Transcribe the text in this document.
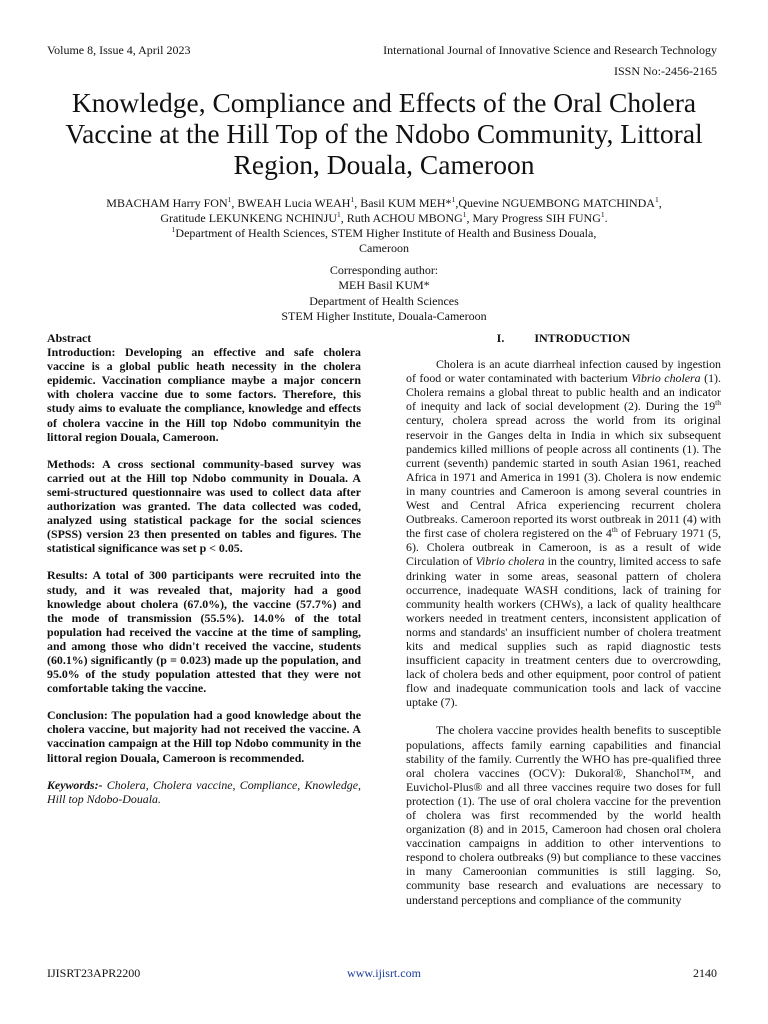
Volume 8, Issue 4, April 2023	International Journal of Innovative Science and Research Technology
ISSN No:-2456-2165
Knowledge, Compliance and Effects of the Oral Cholera Vaccine at the Hill Top of the Ndobo Community, Littoral Region, Douala, Cameroon
MBACHAM Harry FON$^1$, BWEAH Lucia WEAH$^1$, Basil KUM MEH*$^1$,Quevine NGUEMBONG MATCHINDA$^1$,
Gratitude LEKUNKENG NCHINJU$^1$, Ruth ACHOU MBONG$^1$, Mary Progress SIH FUNG$^1$.
$^1$Department of Health Sciences, STEM Higher Institute of Health and Business Douala,
Cameroon
Corresponding author:
MEH Basil KUM*
Department of Health Sciences
STEM Higher Institute, Douala-Cameroon
Abstract

Introduction: Developing an effective and safe cholera vaccine is a global public heath necessity in the cholera epidemic. Vaccination compliance maybe a major concern with cholera vaccine due to some factors. Therefore, this study aims to evaluate the compliance, knowledge and effects of cholera vaccine in the Hill top Ndobo communityin the littoral region Douala, Cameroon.

Methods: A cross sectional community-based survey was carried out at the Hill top Ndobo community in Douala. A semi-structured questionnaire was used to collect data after authorization was granted. The data collected was coded, analyzed using statistical package for the social sciences (SPSS) version 23 then presented on tables and figures. The statistical significance was set p < 0.05.

Results: A total of 300 participants were recruited into the study, and it was revealed that, majority had a good knowledge about cholera (67.0%), the vaccine (57.7%) and the mode of transmission (55.5%). 14.0% of the total population had received the vaccine at the time of sampling, and among those who didn't received the vaccine, students (60.1%) significantly (p = 0.023) made up the population, and 95.0% of the study population attested that they were not comfortable taking the vaccine.

Conclusion: The population had a good knowledge about the cholera vaccine, but majority had not received the vaccine. A vaccination campaign at the Hill top Ndobo community in the littoral region Douala, Cameroon is recommended.

Keywords:- Cholera, Cholera vaccine, Compliance, Knowledge, Hill top Ndobo-Douala.

I.	INTRODUCTION

Cholera is an acute diarrheal infection caused by ingestion of food or water contaminated with bacterium Vibrio cholera (1). Cholera remains a global threat to public health and an indicator of inequity and lack of social development (2). During the 19th century, cholera spread across the world from its original reservoir in the Ganges delta in India in which six subsequent pandemics killed millions of people across all continents (1). The current (seventh) pandemic started in south Asian 1961, reached Africa in 1971 and America in 1991 (3). Cholera is now endemic in many countries and Cameroon is among several countries in West and Central Africa experiencing recurrent cholera Outbreaks. Cameroon reported its worst outbreak in 2011 (4) with the first case of cholera registered on the 4th of February 1971 (5, 6). Cholera outbreak in Cameroon, is as a result of wide Circulation of Vibrio cholera in the country, limited access to safe drinking water in some areas, seasonal pattern of cholera occurrence, inadequate WASH conditions, lack of training for community health workers (CHWs), a lack of quality healthcare workers needed in treatment centers, inconsistent application of norms and standards' an insufficient number of cholera treatment kits and medical supplies such as rapid diagnostic tests insufficient capacity in treatment centers due to overcrowding, lack of cholera beds and other equipment, poor control of patient flow and inadequate communication tools and lack of vaccine uptake (7).

The cholera vaccine provides health benefits to susceptible populations, affects family earning capabilities and financial stability of the family. Currently the WHO has pre-qualified three oral cholera vaccines (OCV): Dukoral®, Shanchol™, and Euvichol-Plus® and all three vaccines require two doses for full protection (1). The use of oral cholera vaccine for the prevention of cholera was first recommended by the world health organization (8) and in 2015, Cameroon had chosen oral cholera vaccination campaigns in addition to other interventions to respond to cholera outbreaks (9) but compliance to these vaccines in many Cameroonian communities is still lagging. So, community base research and evaluations are necessary to understand perceptions and compliance of the community

IJISRT23APR2200	www.ijisrt.com	2140
